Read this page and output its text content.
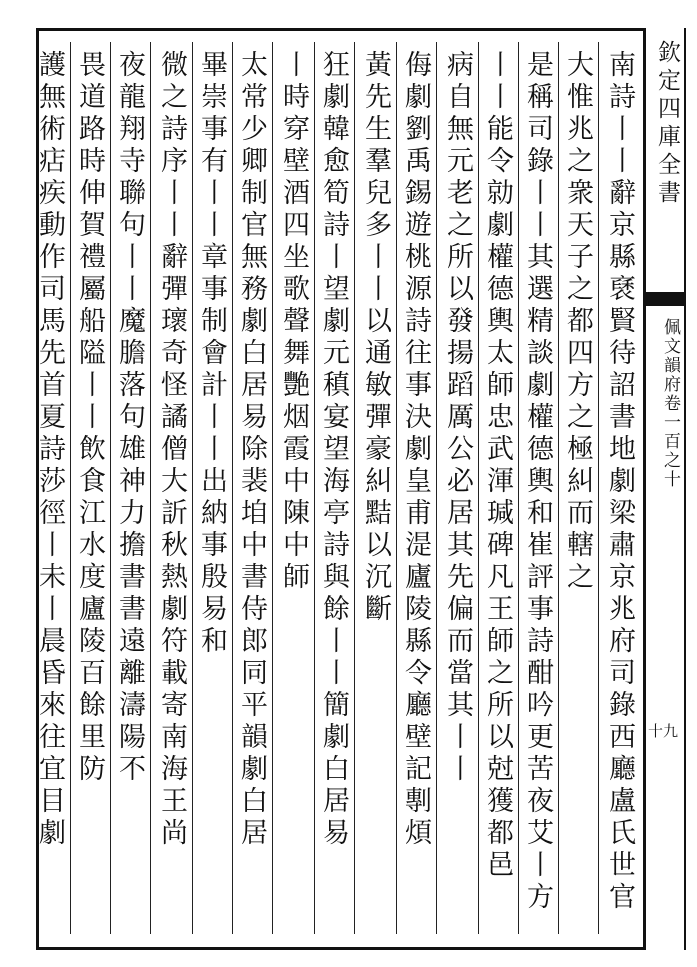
欽定四庫全書
佩文韻府卷一百之十
十九
南詩丨丨辭京縣褎賢待詔書地劇梁肅京兆府司錄西廳盧氏世官
大惟兆之衆天子之都四方之極糾而轄之
是稱司錄丨丨其選精談劇權德輿和崔評事詩酣吟更苦夜艾丨方
丨丨能令勍劇權德輿太師忠武渾瑊碑凡王師之所以尅獲都邑
病自無元老之所以發揚蹈厲公必居其先偏而當其丨丨
侮劇劉禹錫遊桃源詩往事決劇皇甫湜廬陵縣令廳壁記剸煩
黃先生羣兒多丨丨以通敏彈豪糾黠以沉斷
狂劇韓愈筍詩丨望劇元稹宴望海亭詩與餘丨丨簡劇白居易
丨時穿壁酒四坐歌聲舞艷烟霞中陳中師
太常少卿制官無務劇白居易除裴垍中書侍郎同平韻劇白居
畢崇事有丨丨章事制會計丨丨出納事殷易和
微之詩序丨丨辭彈瓌奇怪譎僧大訢秋熱劇符載寄南海王尚
夜龍翔寺聯句丨丨魔膽落句雄神力擔書書遠離濤陽不
畏道路時伸賀禮屬船隘丨丨飲食江水度廬陵百餘里防
護無術痁疾動作司馬先首夏詩莎徑丨未丨晨昏來往宜目劇
